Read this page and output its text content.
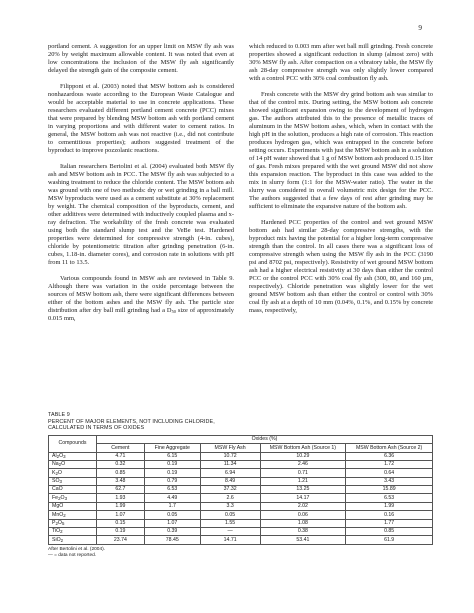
9

portland cement. A suggestion for an upper limit on MSW fly ash was 20% by weight maximum allowable content. It was noted that even at low concentrations the inclusion of the MSW fly ash significantly delayed the strength gain of the composite cement.

Filipponi et al. (2003) noted that MSW bottom ash is considered nonhazardous waste according to the European Waste Catalogue and would be acceptable material to use in concrete applications. These researchers evaluated different portland cement concrete (PCC) mixes that were prepared by blending MSW bottom ash with portland cement in varying proportions and with different water to cement ratios. In general, the MSW bottom ash was not reactive (i.e., did not contribute to cementitious properties); authors suggested treatment of the byproduct to improve pozzolanic reactions.

Italian researchers Bertolini et al. (2004) evaluated both MSW fly ash and MSW bottom ash in PCC. The MSW fly ash was subjected to a washing treatment to reduce the chloride content. The MSW bottom ash was ground with one of two methods: dry or wet grinding in a ball mill. MSW byproducts were used as a cement substitute at 30% replacement by weight. The chemical composition of the byproducts, cement, and other additives were determined with inductively coupled plasma and x-ray defraction. The workability of the fresh concrete was evaluated using both the standard slump test and the VeBe test. Hardened properties were determined for compressive strength (4-in. cubes), chloride by potentiometric titration after grinding penetration (6-in. cubes, 1.18-in. diameter cores), and corrosion rate in solutions with pH from 11 to 13.5.

Various compounds found in MSW ash are reviewed in Table 9. Although there was variation in the oxide percentage between the sources of MSW bottom ash, there were significant differences between either of the bottom ashes and the MSW fly ash. The particle size distribution after dry ball mill grinding had a $D_{50}$ size of approximately 0.015 mm,

which reduced to 0.003 mm after wet ball mill grinding. Fresh concrete properties showed a significant reduction in slump (almost zero) with 30% MSW fly ash. After compaction on a vibratory table, the MSW fly ash 28-day compressive strength was only slightly lower compared with a control PCC with 30% coal combustion fly ash.

Fresh concrete with the MSW dry grind bottom ash was similar to that of the control mix. During setting, the MSW bottom ash concrete showed significant expansion owing to the development of hydrogen gas. The authors attributed this to the presence of metallic traces of aluminum in the MSW bottom ashes, which, when in contact with the high pH in the solution, produces a high rate of corrosion. This reaction produces hydrogen gas, which was entrapped in the concrete before setting occurs. Experiments with just the MSW bottom ash in a solution of 14 pH water showed that 1 g of MSW bottom ash produced 0.15 liter of gas. Fresh mixes prepared with the wet ground MSW did not show this expansion reaction. The byproduct in this case was added to the mix in slurry form (1:1 for the MSW-water ratio). The water in the slurry was considered in overall volumetric mix design for the PCC. The authors suggested that a few days of rest after grinding may be sufficient to eliminate the expansive nature of the bottom ash.

Hardened PCC properties of the control and wet ground MSW bottom ash had similar 28-day compressive strengths, with the byproduct mix having the potential for a higher long-term compressive strength than the control. In all cases there was a significant loss of compressive strength when using the MSW fly ash in the PCC (3190 psi and 8702 psi, respectively). Resistivity of wet ground MSW bottom ash had a higher electrical resistivity at 30 days than either the control PCC or the control PCC with 30% coal fly ash (300, 80, and 160 µm, respectively). Chloride penetration was slightly lower for the wet ground MSW bottom ash than either the control or control with 30% coal fly ash at a depth of 10 mm (0.04%, 0.1%, and 0.15% by concrete mass, respectively,

TABLE 9
PERCENT OF MAJOR ELEMENTS, NOT INCLUDING CHLORIDE,
CALCULATED IN TERMS OF OXIDES
Compounds	Oxides (%)				
	Cement	Fine Aggregate	MSW Fly Ash	MSW Bottom Ash (Source 1)	MSW Bottom Ash (Source 2)
$Al_2O_3$	4.71	6.15	10.72	10.29	6.36
$Na_2O$	0.32	0.19	11.34	2.46	1.72
$K_2O$	0.85	0.19	6.94	0.71	0.64
$SO_3$	3.48	0.79	8.49	1.21	3.43
CaO	62.7	6.53	37.32	13.25	15.89
$Fe_2O_3$	1.93	4.49	2.6	14.17	6.53
MgO	1.99	1.7	3.3	2.02	1.99
MnO$_2$	1.07	0.05	0.05	0.06	0.16
$P_2O_5$	0.15	1.07	1.55	1.08	1.77
TiO$_2$	0.19	0.39	—	0.38	0.85
SiO$_2$	23.74	78.45	14.71	53.41	61.9
After Bertolini et al. (2004).
— = data not reported.
